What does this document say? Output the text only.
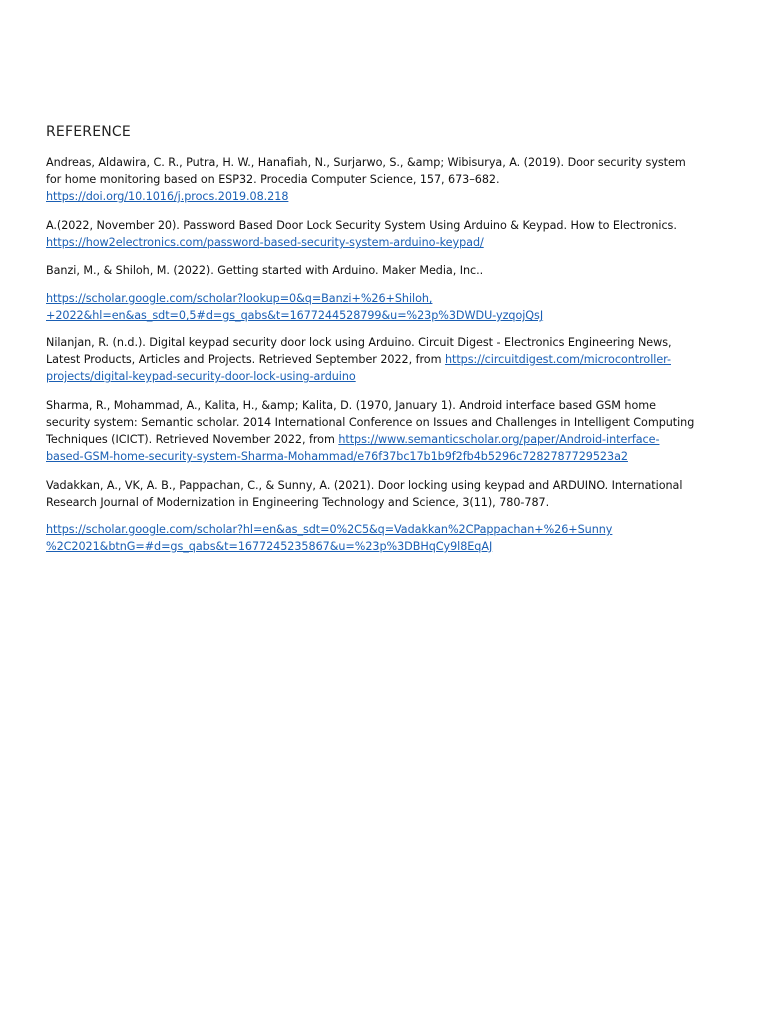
REFERENCE
Andreas, Aldawira, C. R., Putra, H. W., Hanafiah, N., Surjarwo, S., &amp; Wibisurya, A. (2019). Door security system
for home monitoring based on ESP32. Procedia Computer Science, 157, 673–682.
https://doi.org/10.1016/j.procs.2019.08.218
A.(2022, November 20). Password Based Door Lock Security System Using Arduino & Keypad. How to Electronics.
https://how2electronics.com/password-based-security-system-arduino-keypad/
Banzi, M., & Shiloh, M. (2022). Getting started with Arduino. Maker Media, Inc..
https://scholar.google.com/scholar?lookup=0&q=Banzi+%26+Shiloh,
+2022&hl=en&as_sdt=0,5#d=gs_qabs&t=1677244528799&u=%23p%3DWDU-yzqojQsJ
Nilanjan, R. (n.d.). Digital keypad security door lock using Arduino. Circuit Digest - Electronics Engineering News,
Latest Products, Articles and Projects. Retrieved September 2022, from https://circuitdigest.com/microcontroller-
projects/digital-keypad-security-door-lock-using-arduino
Sharma, R., Mohammad, A., Kalita, H., &amp; Kalita, D. (1970, January 1). Android interface based GSM home
security system: Semantic scholar. 2014 International Conference on Issues and Challenges in Intelligent Computing
Techniques (ICICT). Retrieved November 2022, from https://www.semanticscholar.org/paper/Android-interface-
based-GSM-home-security-system-Sharma-Mohammad/e76f37bc17b1b9f2fb4b5296c7282787729523a2
Vadakkan, A., VK, A. B., Pappachan, C., & Sunny, A. (2021). Door locking using keypad and ARDUINO. International
Research Journal of Modernization in Engineering Technology and Science, 3(11), 780-787.
https://scholar.google.com/scholar?hl=en&as_sdt=0%2C5&q=Vadakkan%2CPappachan+%26+Sunny
%2C2021&btnG=#d=gs_qabs&t=1677245235867&u=%23p%3DBHqCy9l8EqAJ
